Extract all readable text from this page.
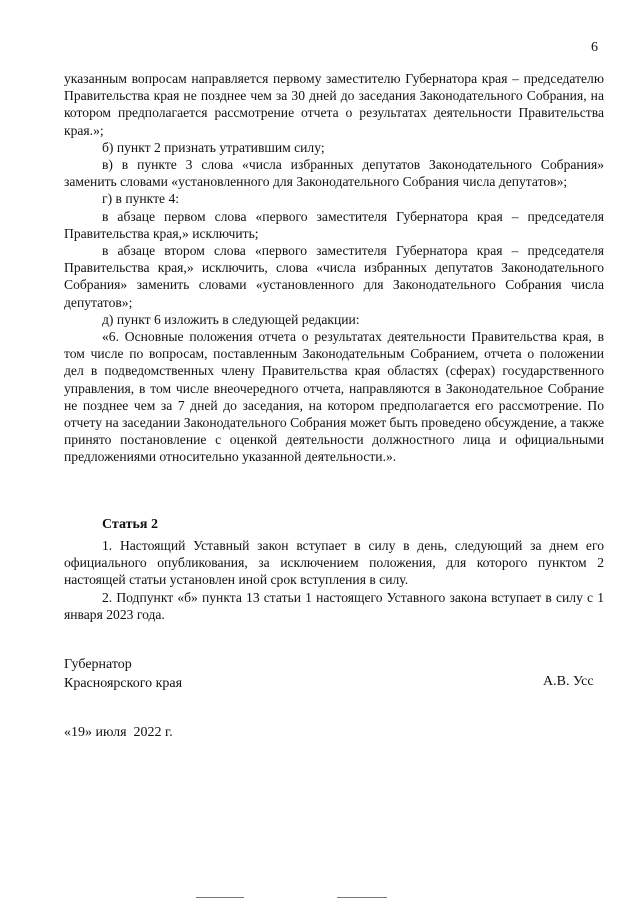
6

указанным вопросам направляется первому заместителю Губернатора края – председателю Правительства края не позднее чем за 30 дней до заседания Законодательного Собрания, на котором предполагается рассмотрение отчета о результатах деятельности Правительства края.»;

б) пункт 2 признать утратившим силу;

в) в пункте 3 слова «числа избранных депутатов Законодательного Собрания» заменить словами «установленного для Законодательного Собрания числа депутатов»;

г) в пункте 4:

в абзаце первом слова «первого заместителя Губернатора края – председателя Правительства края,» исключить;

в абзаце втором слова «первого заместителя Губернатора края – председателя Правительства края,» исключить, слова «числа избранных депутатов Законодательного Собрания» заменить словами «установленного для Законодательного Собрания числа депутатов»;

д) пункт 6 изложить в следующей редакции:

«6. Основные положения отчета о результатах деятельности Правительства края, в том числе по вопросам, поставленным Законодательным Собранием, отчета о положении дел в подведомственных члену Правительства края областях (сферах) государственного управления, в том числе внеочередного отчета, направляются в Законодательное Собрание не позднее чем за 7 дней до заседания, на котором предполагается его рассмотрение. По отчету на заседании Законодательного Собрания может быть проведено обсуждение, а также принято постановление с оценкой деятельности должностного лица и официальными предложениями относительно указанной деятельности.».

Статья 2

1. Настоящий Уставный закон вступает в силу в день, следующий за днем его официального опубликования, за исключением положения, для которого пунктом 2 настоящей статьи установлен иной срок вступления в силу.

2. Подпункт «б» пункта 13 статьи 1 настоящего Уставного закона вступает в силу с 1 января 2023 года.

Губернатор
Красноярского края	А.В. Усс
«19» июля  2022 г.
